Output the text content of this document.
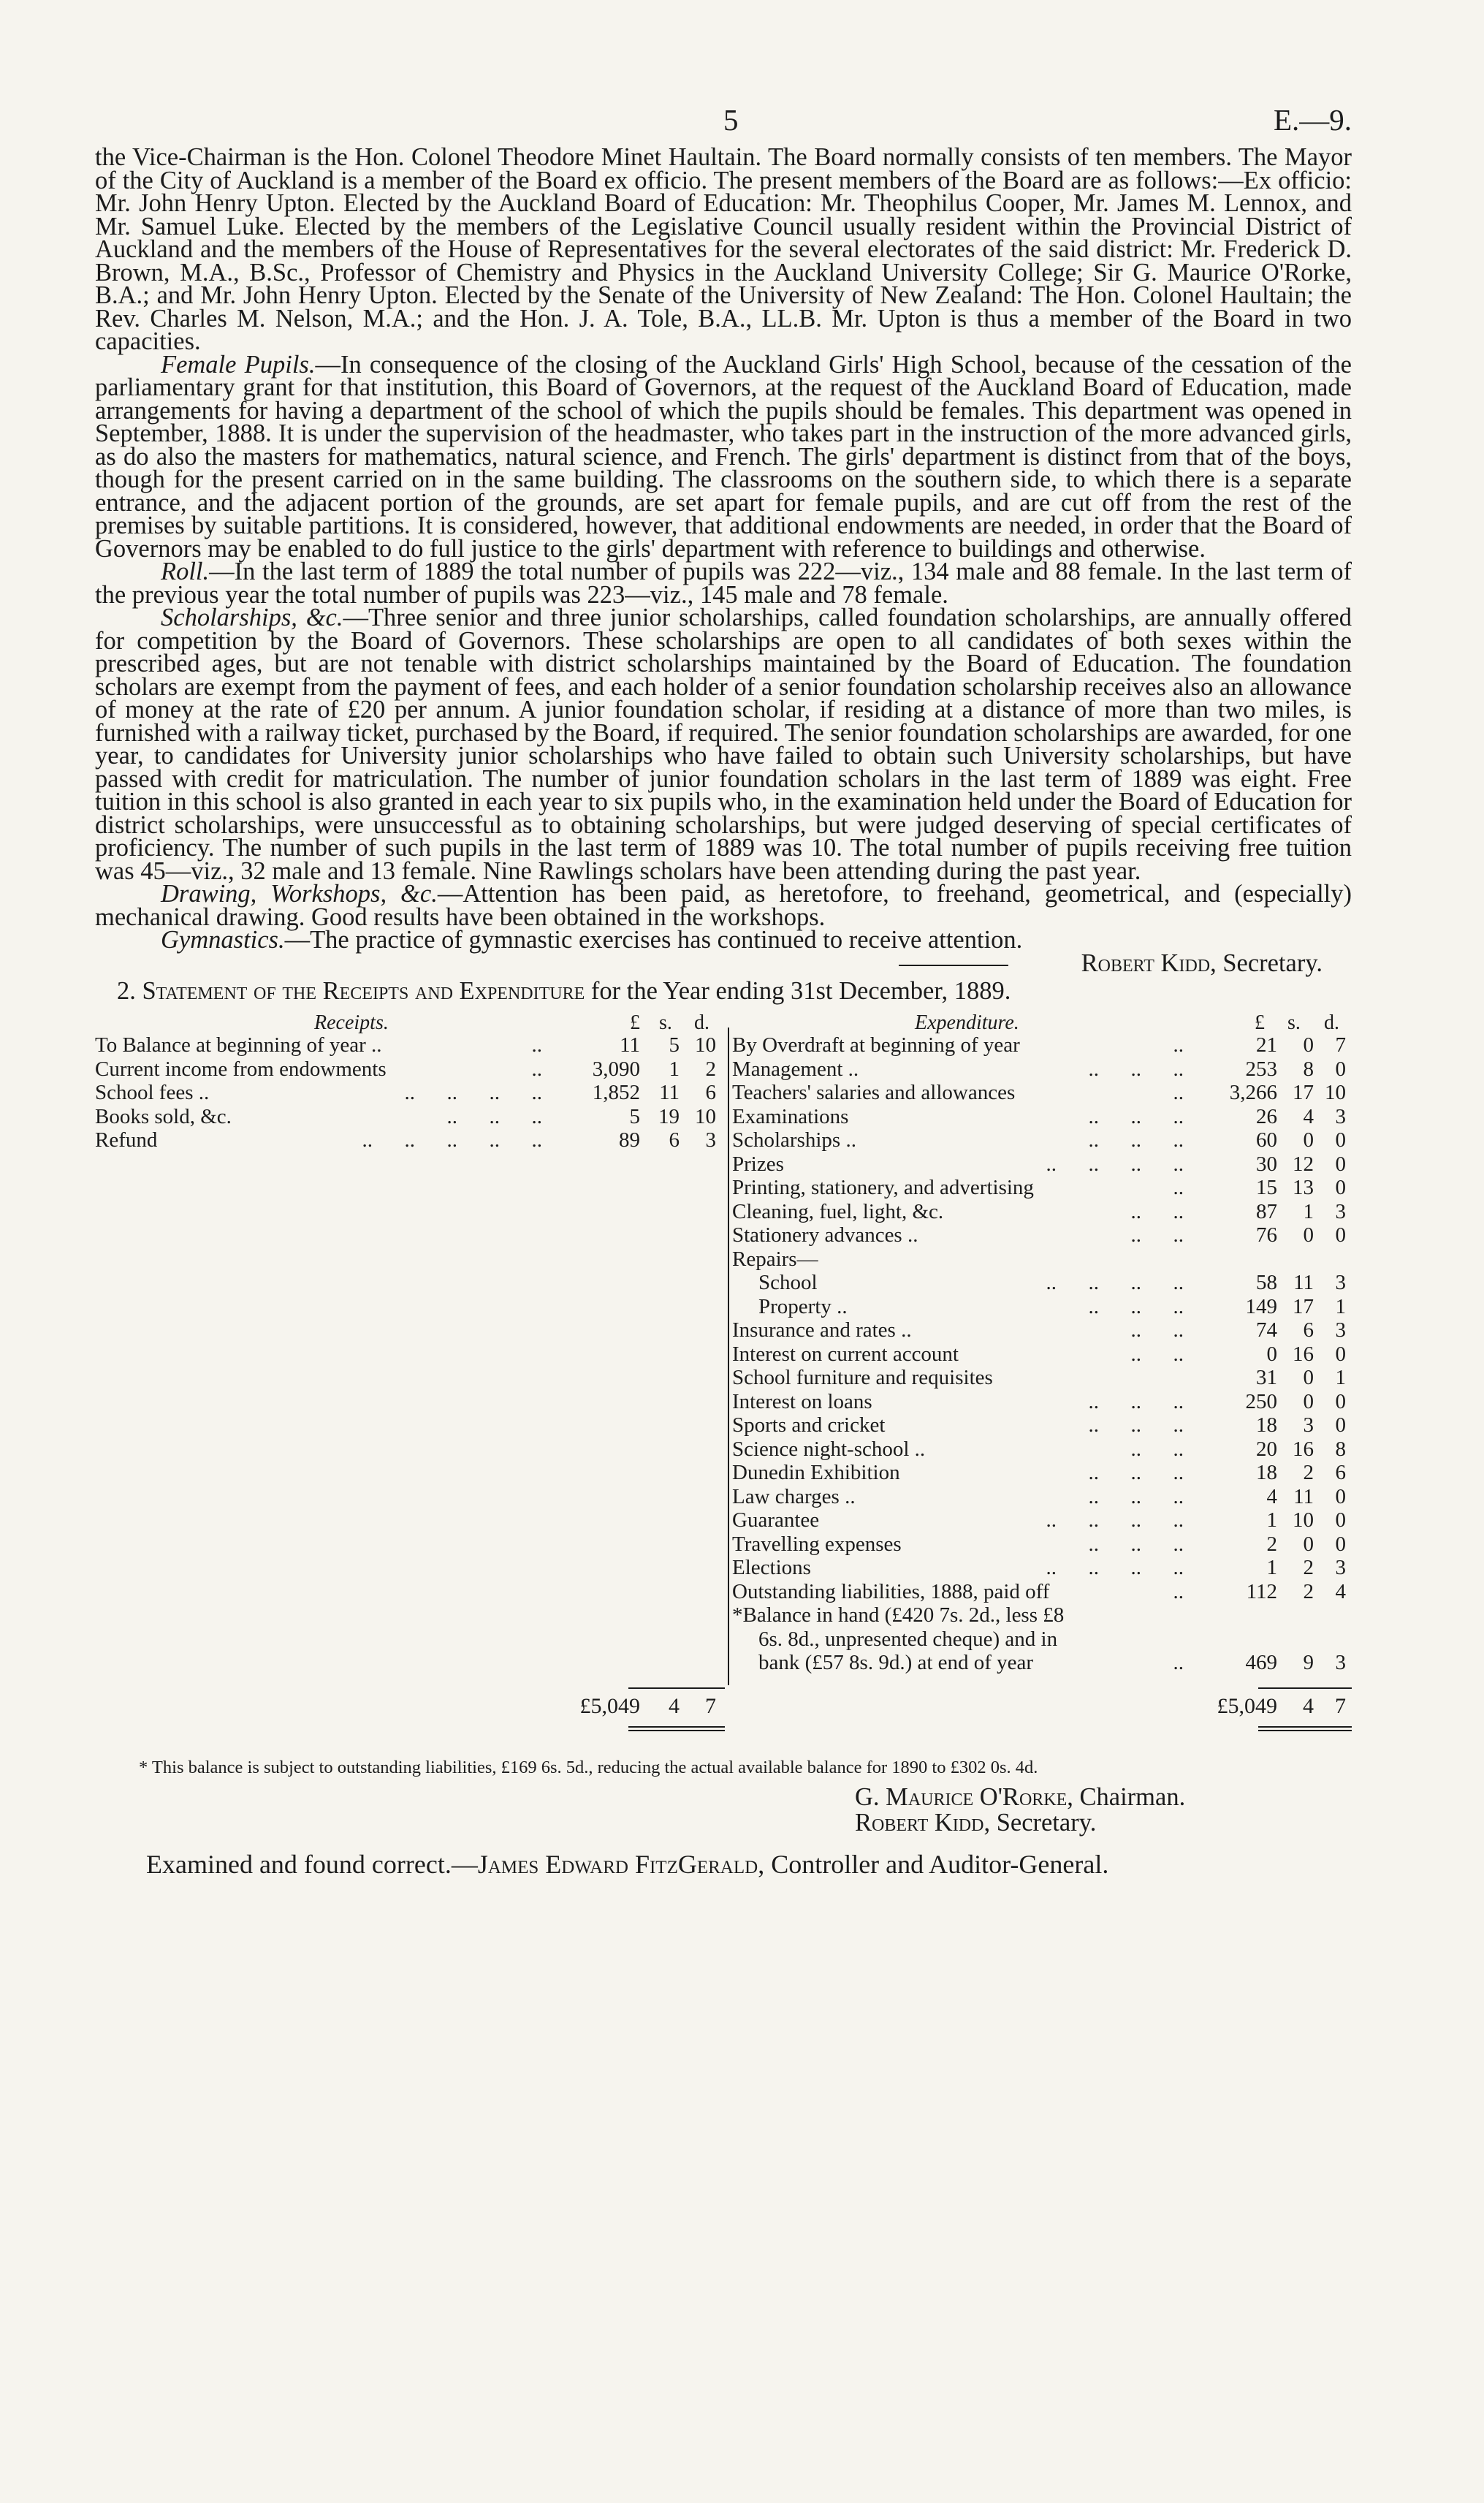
5	E.—9.

the Vice-Chairman is the Hon. Colonel Theodore Minet Haultain. The Board normally consists of ten members. The Mayor of the City of Auckland is a member of the Board ex officio. The present members of the Board are as follows:—Ex officio: Mr. John Henry Upton. Elected by the Auckland Board of Education: Mr. Theophilus Cooper, Mr. James M. Lennox, and Mr. Samuel Luke. Elected by the members of the Legislative Council usually resident within the Provincial District of Auckland and the members of the House of Representatives for the several electorates of the said district: Mr. Frederick D. Brown, M.A., B.Sc., Professor of Chemistry and Physics in the Auckland University College; Sir G. Maurice O'Rorke, B.A.; and Mr. John Henry Upton. Elected by the Senate of the University of New Zealand: The Hon. Colonel Haultain; the Rev. Charles M. Nelson, M.A.; and the Hon. J. A. Tole, B.A., LL.B. Mr. Upton is thus a member of the Board in two capacities.

Female Pupils.—In consequence of the closing of the Auckland Girls' High School, because of the cessation of the parliamentary grant for that institution, this Board of Governors, at the request of the Auckland Board of Education, made arrangements for having a department of the school of which the pupils should be females. This department was opened in September, 1888. It is under the supervision of the headmaster, who takes part in the instruction of the more advanced girls, as do also the masters for mathematics, natural science, and French. The girls' department is distinct from that of the boys, though for the present carried on in the same building. The classrooms on the southern side, to which there is a separate entrance, and the adjacent portion of the grounds, are set apart for female pupils, and are cut off from the rest of the premises by suitable partitions. It is considered, however, that additional endowments are needed, in order that the Board of Governors may be enabled to do full justice to the girls' department with reference to buildings and otherwise.

Roll.—In the last term of 1889 the total number of pupils was 222—viz., 134 male and 88 female. In the last term of the previous year the total number of pupils was 223—viz., 145 male and 78 female.

Scholarships, &c.—Three senior and three junior scholarships, called foundation scholarships, are annually offered for competition by the Board of Governors. These scholarships are open to all candidates of both sexes within the prescribed ages, but are not tenable with district scholarships maintained by the Board of Education. The foundation scholars are exempt from the payment of fees, and each holder of a senior foundation scholarship receives also an allowance of money at the rate of £20 per annum. A junior foundation scholar, if residing at a distance of more than two miles, is furnished with a railway ticket, purchased by the Board, if required. The senior foundation scholarships are awarded, for one year, to candidates for University junior scholarships who have failed to obtain such University scholarships, but have passed with credit for matriculation. The number of junior foundation scholars in the last term of 1889 was eight. Free tuition in this school is also granted in each year to six pupils who, in the examination held under the Board of Education for district scholarships, were unsuccessful as to obtaining scholarships, but were judged deserving of special certificates of proficiency. The number of such pupils in the last term of 1889 was 10. The total number of pupils receiving free tuition was 45—viz., 32 male and 13 female. Nine Rawlings scholars have been attending during the past year.

Drawing, Workshops, &c.—Attention has been paid, as heretofore, to freehand, geometrical, and (especially) mechanical drawing. Good results have been obtained in the workshops.

Gymnastics.—The practice of gymnastic exercises has continued to receive attention.

Robert Kidd, Secretary.
2. Statement of the Receipts and Expenditure for the Year ending 31st December, 1889.
Receipts.	£ s. d.
To Balance at beginning of year ..	..	11	5 10
Current income from endowments	..	3,090	1	2
School fees ..	..      ..      ..      ..	1,852 11	6
Books sold, &c.	..      ..      ..	5 19 10
Refund	..      ..      ..      ..      ..	89	6	3
£5,049	4	7
Expenditure.	£ s. d.
By Overdraft at beginning of year	..	21	0	7
Management ..	..      ..      ..	253	8	0
Teachers' salaries and allowances	..	3,266 17 10
Examinations	..      ..      ..	26	4	3
Scholarships ..	..      ..      ..	60	0	0
Prizes	..      ..      ..      ..	30 12	0
Printing, stationery, and advertising	..	15 13	0
Cleaning, fuel, light, &c.	..      ..	87	1	3
Stationery advances ..	..      ..	76	0	0
Repairs—
School	..      ..      ..      ..	58 11	3
Property ..	..      ..      ..	149 17	1
Insurance and rates ..	..      ..	74	6	3
Interest on current account	..      ..	0 16	0
School furniture and requisites	31	0	1
Interest on loans	..      ..      ..	250	0	0
Sports and cricket	..      ..      ..	18	3	0
Science night-school ..	..      ..	20 16	8
Dunedin Exhibition	..      ..      ..	18	2	6
Law charges ..	..      ..      ..	4 11	0
Guarantee	..      ..      ..      ..	1 10	0
Travelling expenses	..      ..      ..	2	0	0
Elections	..      ..      ..      ..	1	2	3
Outstanding liabilities, 1888, paid off	..	112	2	4
*Balance in hand (£420 7s. 2d., less £8
6s. 8d., unpresented cheque) and in
bank (£57 8s. 9d.) at end of year	..	469	9	3
£5,049	4 7
* This balance is subject to outstanding liabilities, £169 6s. 5d., reducing the actual available balance for 1890 to £302 0s. 4d.
G. Maurice O'Rorke, Chairman.
Robert Kidd, Secretary.
Examined and found correct.—James Edward FitzGerald, Controller and Auditor-General.
